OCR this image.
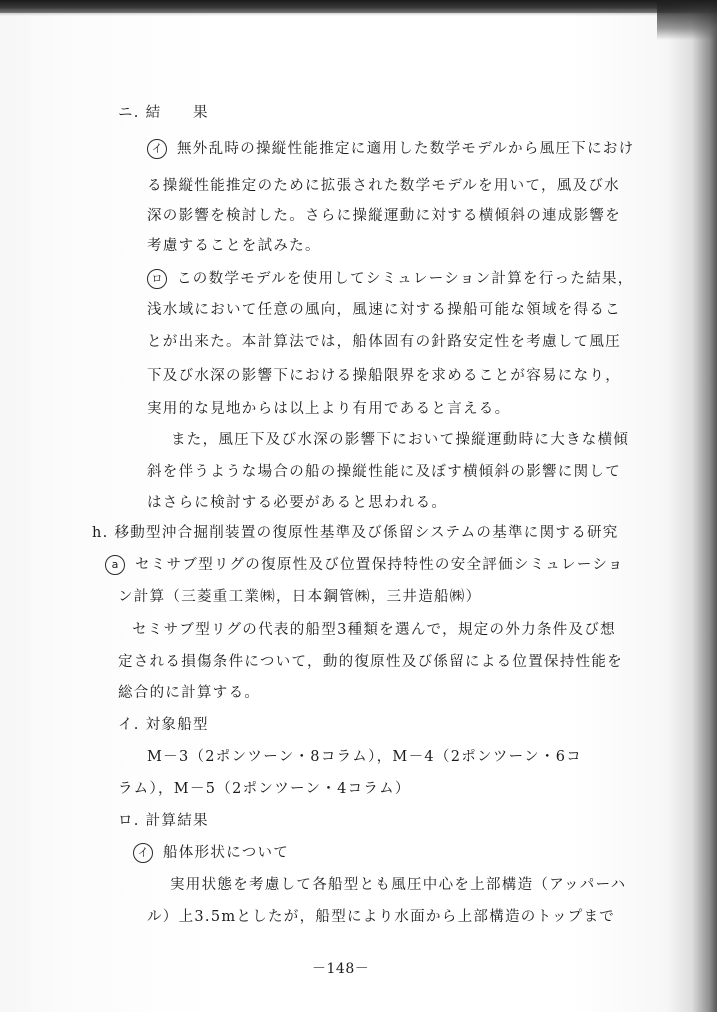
ニ. 結　　果
イ 無外乱時の操縦性能推定に適用した数学モデルから風圧下におけ
る操縦性能推定のために拡張された数学モデルを用いて，風及び水
深の影響を検討した。さらに操縦運動に対する横傾斜の連成影響を
考慮することを試みた。
ロ この数学モデルを使用してシミュレーション計算を行った結果，
浅水域において任意の風向，風速に対する操船可能な領域を得るこ
とが出来た。本計算法では，船体固有の針路安定性を考慮して風圧
下及び水深の影響下における操船限界を求めることが容易になり，
実用的な見地からは以上より有用であると言える。
また，風圧下及び水深の影響下において操縦運動時に大きな横傾
斜を伴うような場合の船の操縦性能に及ぼす横傾斜の影響に関して
はさらに検討する必要があると思われる。
h. 移動型沖合掘削装置の復原性基準及び係留システムの基準に関する研究
a セミサブ型リグの復原性及び位置保持特性の安全評価シミュレーショ
ン計算（三菱重工業㈱，日本鋼管㈱，三井造船㈱）
セミサブ型リグの代表的船型3種類を選んで，規定の外力条件及び想
定される損傷条件について，動的復原性及び係留による位置保持性能を
総合的に計算する。
イ. 対象船型
M－3（2ポンツーン・8コラム），M－4（2ポンツーン・6コ
ラム），M－5（2ポンツーン・4コラム）
ロ. 計算結果
イ 船体形状について
実用状態を考慮して各船型とも風圧中心を上部構造（アッパーハ
ル）上3.5mとしたが，船型により水面から上部構造のトップまで
－148－
